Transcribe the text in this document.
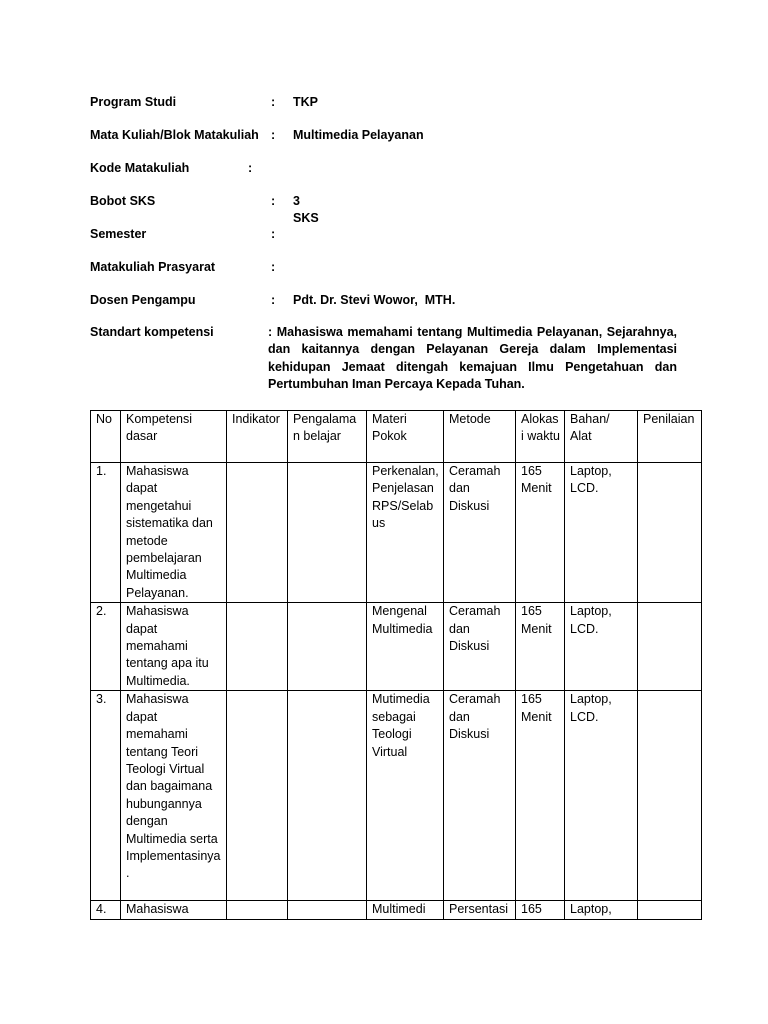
Program Studi	: TKP
Mata Kuliah/Blok Matakuliah : Multimedia Pelayanan
Kode Matakuliah	:
Bobot SKS	: 3 SKS
Semester	:
Matakuliah Prasyarat	:
Dosen Pengampu	: Pdt. Dr. Stevi Wowor,  MTH.
Standart kompetensi	: Mahasiswa memahami tentang Multimedia Pelayanan, Sejarahnya, dan kaitannya dengan Pelayanan Gereja dalam Implementasi kehidupan Jemaat ditengah kemajuan Ilmu Pengetahuan dan Pertumbuhan Iman Percaya Kepada Tuhan.
No	Kompetensi dasar	Indikator	Pengalaman belajar	Materi Pokok	Metode	Alokasi waktu	Bahan/ Alat	Penilaian
1.	Mahasiswa dapat mengetahui sistematika dan metode pembelajaran Multimedia Pelayanan.			Perkenalan, Penjelasan RPS/Selabus	Ceramah dan Diskusi	165 Menit	Laptop, LCD.	
2.	Mahasiswa dapat memahami tentang apa itu Multimedia.			Mengenal Multimedia	Ceramah dan Diskusi	165 Menit	Laptop, LCD.	
3.	Mahasiswa dapat memahami tentang Teori Teologi Virtual dan bagaimana hubungannya dengan Multimedia serta Implementasinya.			Mutimedia sebagai Teologi Virtual	Ceramah dan Diskusi	165 Menit	Laptop, LCD.	
4.	Mahasiswa			Multimedi	Persentasi	165	Laptop,	
